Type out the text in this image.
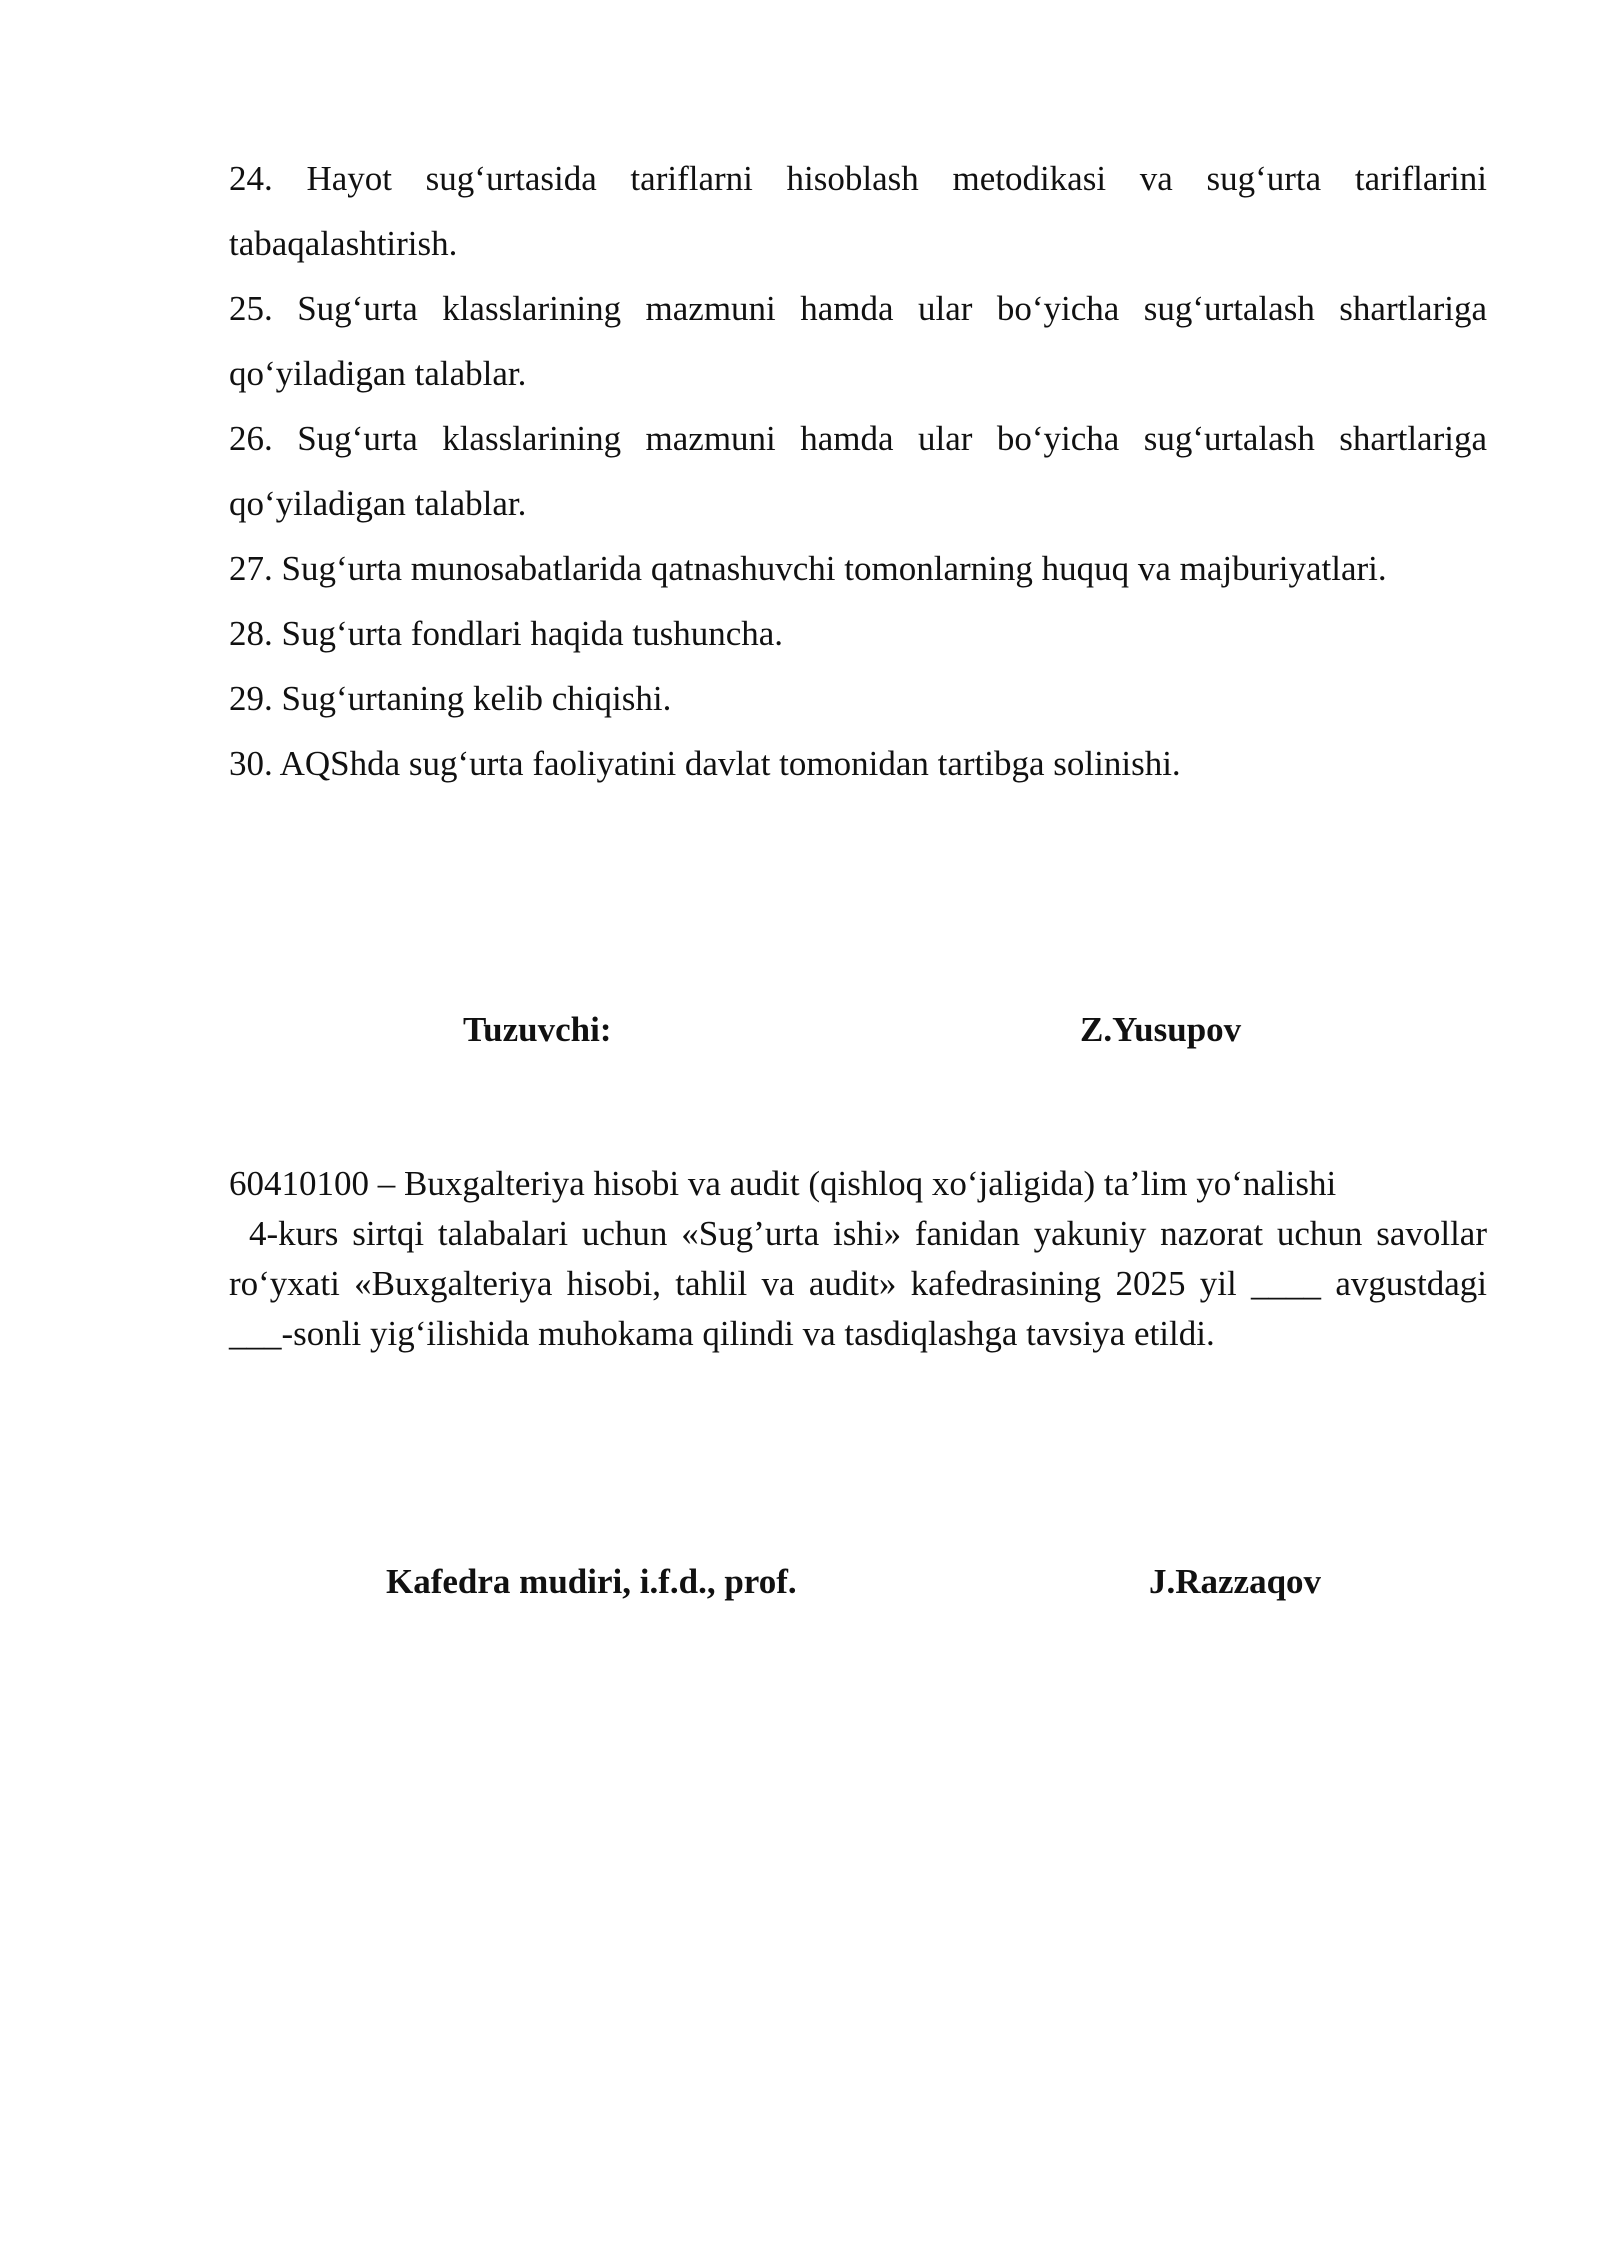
24. Hayot sug‘urtasida tariflarni hisoblash metodikasi va sug‘urta tariflarini tabaqalashtirish.
25. Sug‘urta klasslarining mazmuni hamda ular bo‘yicha sug‘urtalash shartlariga qo‘yiladigan talablar.
26. Sug‘urta klasslarining mazmuni hamda ular bo‘yicha sug‘urtalash shartlariga qo‘yiladigan talablar.
27. Sug‘urta munosabatlarida qatnashuvchi tomonlarning huquq va majburiyatlari.
28. Sug‘urta fondlari haqida tushuncha.
29. Sug‘urtaning kelib chiqishi.
30. AQShda sug‘urta faoliyatini davlat tomonidan tartibga solinishi.
Tuzuvchi:	Z.Yusupov

60410100 – Buxgalteriya hisobi va audit (qishloq xo‘jaligida) ta’lim yo‘nalishi

4-kurs sirtqi talabalari uchun «Sug’urta ishi» fanidan yakuniy nazorat uchun savollar ro‘yxati «Buxgalteriya hisobi, tahlil va audit» kafedrasining 2025 yil ____ avgustdagi ___-sonli yig‘ilishida muhokama qilindi va tasdiqlashga tavsiya etildi.

Kafedra mudiri, i.f.d., prof.	J.Razzaqov
